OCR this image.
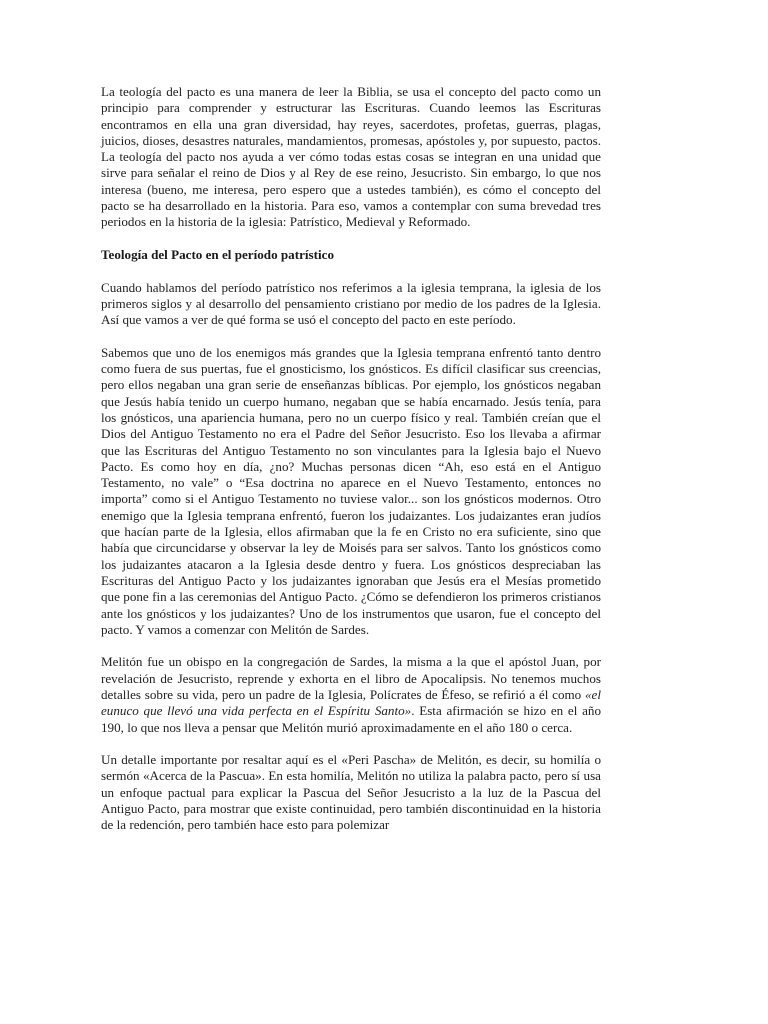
La teología del pacto es una manera de leer la Biblia, se usa el concepto del pacto como un principio para comprender y estructurar las Escrituras. Cuando leemos las Escrituras encontramos en ella una gran diversidad, hay reyes, sacerdotes, profetas, guerras, plagas, juicios, dioses, desastres naturales, mandamientos, promesas, apóstoles y, por supuesto, pactos. La teología del pacto nos ayuda a ver cómo todas estas cosas se integran en una unidad que sirve para señalar el reino de Dios y al Rey de ese reino, Jesucristo. Sin embargo, lo que nos interesa (bueno, me interesa, pero espero que a ustedes también), es cómo el concepto del pacto se ha desarrollado en la historia. Para eso, vamos a contemplar con suma brevedad tres periodos en la historia de la iglesia: Patrístico, Medieval y Reformado.

Teología del Pacto en el período patrístico

Cuando hablamos del período patrístico nos referimos a la iglesia temprana, la iglesia de los primeros siglos y al desarrollo del pensamiento cristiano por medio de los padres de la Iglesia. Así que vamos a ver de qué forma se usó el concepto del pacto en este período.

Sabemos que uno de los enemigos más grandes que la Iglesia temprana enfrentó tanto dentro como fuera de sus puertas, fue el gnosticismo, los gnósticos. Es difícil clasificar sus creencias, pero ellos negaban una gran serie de enseñanzas bíblicas. Por ejemplo, los gnósticos negaban que Jesús había tenido un cuerpo humano, negaban que se había encarnado. Jesús tenía, para los gnósticos, una apariencia humana, pero no un cuerpo físico y real. También creían que el Dios del Antiguo Testamento no era el Padre del Señor Jesucristo. Eso los llevaba a afirmar que las Escrituras del Antiguo Testamento no son vinculantes para la Iglesia bajo el Nuevo Pacto. Es como hoy en día, ¿no? Muchas personas dicen “Ah, eso está en el Antiguo Testamento, no vale” o “Esa doctrina no aparece en el Nuevo Testamento, entonces no importa” como si el Antiguo Testamento no tuviese valor... son los gnósticos modernos. Otro enemigo que la Iglesia temprana enfrentó, fueron los judaizantes. Los judaizantes eran judíos que hacían parte de la Iglesia, ellos afirmaban que la fe en Cristo no era suficiente, sino que había que circuncidarse y observar la ley de Moisés para ser salvos. Tanto los gnósticos como los judaizantes atacaron a la Iglesia desde dentro y fuera. Los gnósticos despreciaban las Escrituras del Antiguo Pacto y los judaizantes ignoraban que Jesús era el Mesías prometido que pone fin a las ceremonias del Antiguo Pacto. ¿Cómo se defendieron los primeros cristianos ante los gnósticos y los judaizantes? Uno de los instrumentos que usaron, fue el concepto del pacto. Y vamos a comenzar con Melitón de Sardes.

Melitón fue un obispo en la congregación de Sardes, la misma a la que el apóstol Juan, por revelación de Jesucristo, reprende y exhorta en el libro de Apocalipsis. No tenemos muchos detalles sobre su vida, pero un padre de la Iglesia, Polícrates de Éfeso, se refirió a él como «el eunuco que llevó una vida perfecta en el Espíritu Santo». Esta afirmación se hizo en el año 190, lo que nos lleva a pensar que Melitón murió aproximadamente en el año 180 o cerca.

Un detalle importante por resaltar aquí es el «Peri Pascha» de Melitón, es decir, su homilía o sermón «Acerca de la Pascua». En esta homilía, Melitón no utiliza la palabra pacto, pero sí usa un enfoque pactual para explicar la Pascua del Señor Jesucristo a la luz de la Pascua del Antiguo Pacto, para mostrar que existe continuidad, pero también discontinuidad en la historia de la redención, pero también hace esto para polemizar
